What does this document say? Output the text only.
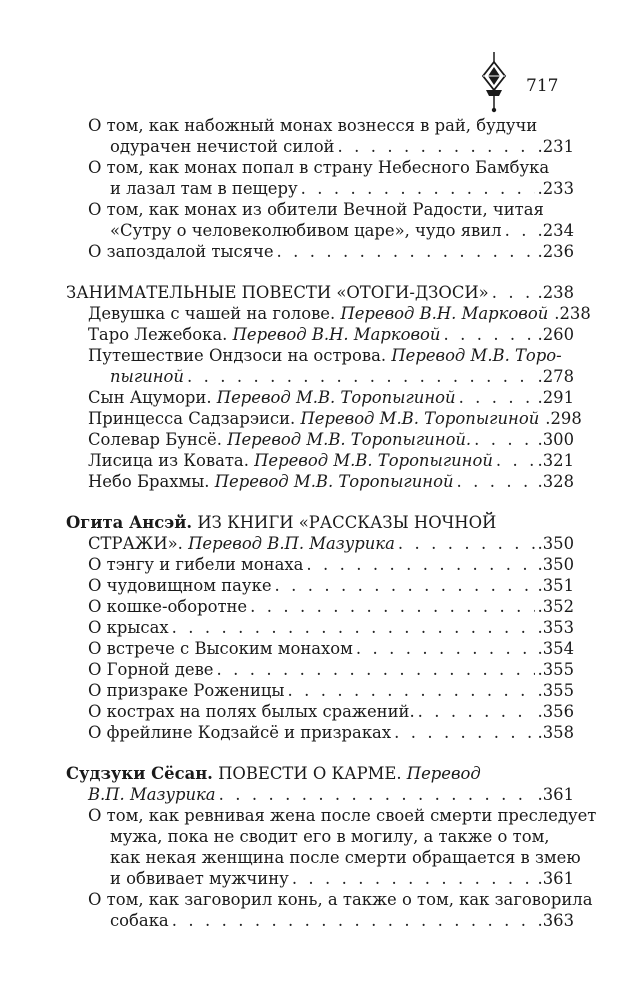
717
О том, как набожный монах вознесся в рай, будучи
одурачен нечистой силой . . .	.231
О том, как монах попал в страну Небесного Бамбука
и лазал там в пещеру . . .	.233
О том, как монах из обители Вечной Радости, читая
«Сутру о человеколюбивом царе», чудо явил . . . .234
О запоздалой тысяче . . .	.236
ЗАНИМАТЕЛЬНЫЕ ПОВЕСТИ «ОТОГИ-ДЗОСИ» . . .	.238
Девушка с чашей на голове. Перевод В.Н. Марковой .238
Таро Лежебока. Перевод В.Н. Марковой . . .	.260
Путешествие Ондзоси на острова. Перевод М.В. Торо-
пыгиной . . .	.278
Сын Ацумори. Перевод М.В. Торопыгиной . . .	.291
Принцесса Садзарэиси. Перевод М.В. Торопыгиной .298
Солевар Бунсё. Перевод М.В. Торопыгиной. . . .	.300
Лисица из Ковата. Перевод М.В. Торопыгиной . . .	.321
Небо Брахмы. Перевод М.В. Торопыгиной . . .	.328
Огита Ансэй. ИЗ КНИГИ «РАССКАЗЫ НОЧНОЙ
СТРАЖИ». Перевод В.П. Мазурика . . .	.350
О тэнгу и гибели монаха . . .	.350
О чудовищном пауке . . .	.351
О кошке-оборотне . . .	.352
О крысах . . .	.353
О встрече с Высоким монахом . . .	.354
О Горной деве . . .	.355
О призраке Роженицы . . .	.355
О кострах на полях былых сражений. . . .	.356
О фрейлине Кодзайсё и призраках . . .	.358
Судзуки Сёсан. ПОВЕСТИ О КАРМЕ. Перевод
В.П. Мазурика . . .	.361
О том, как ревнивая жена после своей смерти преследует
мужа, пока не сводит его в могилу, а также о том,
как некая женщина после смерти обращается в змею
и обвивает мужчину . . .	.361
О том, как заговорил конь, а также о том, как заговорила
собака . . .	.363
